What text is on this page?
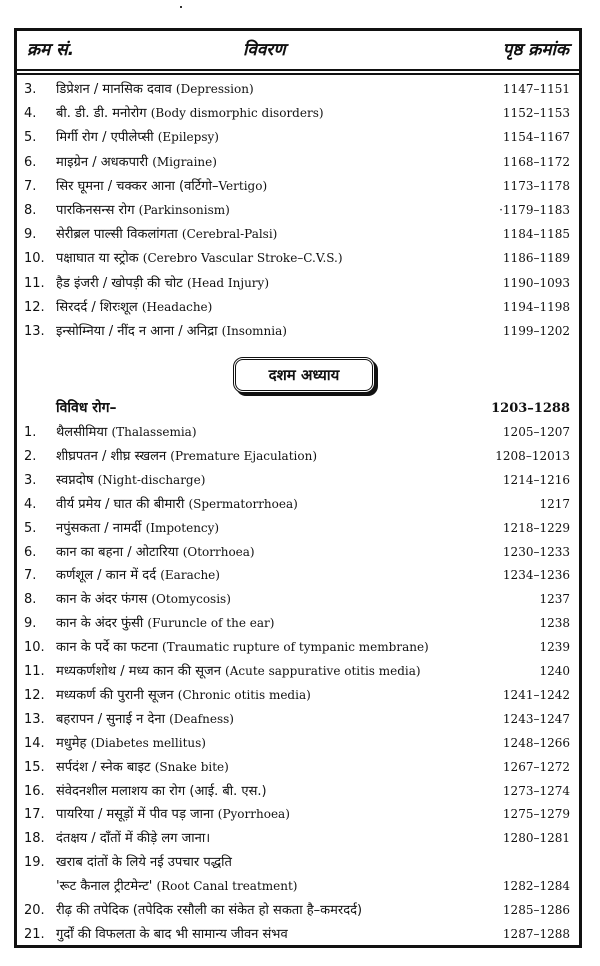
क्रम सं.	विवरण	पृष्ठ क्रमांक
3. डिप्रेशन / मानसिक दवाव (Depression)	1147–1151
4. बी. डी. डी. मनोरोग (Body dismorphic disorders)	1152–1153
5. मिर्गी रोग / एपीलेप्सी (Epilepsy)	1154–1167
6. माइग्रेन / अधकपारी (Migraine)	1168–1172
7. सिर घूमना / चक्कर आना (वर्टिगो–Vertigo)	1173–1178
8. पारकिनसन्स रोग (Parkinsonism)	·1179–1183
9. सेरीब्रल पाल्सी विकलांगता (Cerebral-Palsi)	1184–1185
10. पक्षाघात या स्ट्रोक (Cerebro Vascular Stroke–C.V.S.)	1186–1189
11. हैड इंजरी / खोपड़ी की चोट (Head Injury)	1190–1093
12. सिरदर्द / शिरःशूल (Headache)	1194–1198
13. इन्सोम्निया / नींद न आना / अनिद्रा (Insomnia)	1199–1202
दशम अध्याय
विविध रोग–	1203–1288
1. थैलसीमिया (Thalassemia)	1205–1207
2. शीघ्रपतन / शीघ्र स्खलन (Premature Ejaculation)	1208–12013
3. स्वप्नदोष (Night-discharge)	1214–1216
4. वीर्य प्रमेय / घात की बीमारी (Spermatorrhoea)	1217
5. नपुंसकता / नामर्दी (Impotency)	1218–1229
6. कान का बहना / ओटारिया (Otorrhoea)	1230–1233
7. कर्णशूल / कान में दर्द (Earache)	1234–1236
8. कान के अंदर फंगस (Otomycosis)	1237
9. कान के अंदर फुंसी (Furuncle of the ear)	1238
10. कान के पर्दे का फटना (Traumatic rupture of tympanic membrane)	1239
11. मध्यकर्णशोथ / मध्य कान की सूजन (Acute sappurative otitis media)	1240
12. मध्यकर्ण की पुरानी सूजन (Chronic otitis media)	1241–1242
13. बहरापन / सुनाई न देना (Deafness)	1243–1247
14. मधुमेह (Diabetes mellitus)	1248–1266
15. सर्पदंश / स्नेक बाइट (Snake bite)	1267–1272
16. संवेदनशील मलाशय का रोग (आई. बी. एस.)	1273–1274
17. पायरिया / मसूड़ों में पीव पड़ जाना (Pyorrhoea)	1275–1279
18. दंतक्षय / दाँतों में कीड़े लग जाना।	1280–1281
19. खराब दांतों के लिये नई उपचार पद्धति
'रूट कैनाल ट्रीटमेन्ट' (Root Canal treatment)	1282–1284
20. रीढ़ की तपेदिक (तपेदिक रसौली का संकेत हो सकता है–कमरदर्द)	1285–1286
21. गुर्दों की विफलता के बाद भी सामान्य जीवन संभव	1287–1288
